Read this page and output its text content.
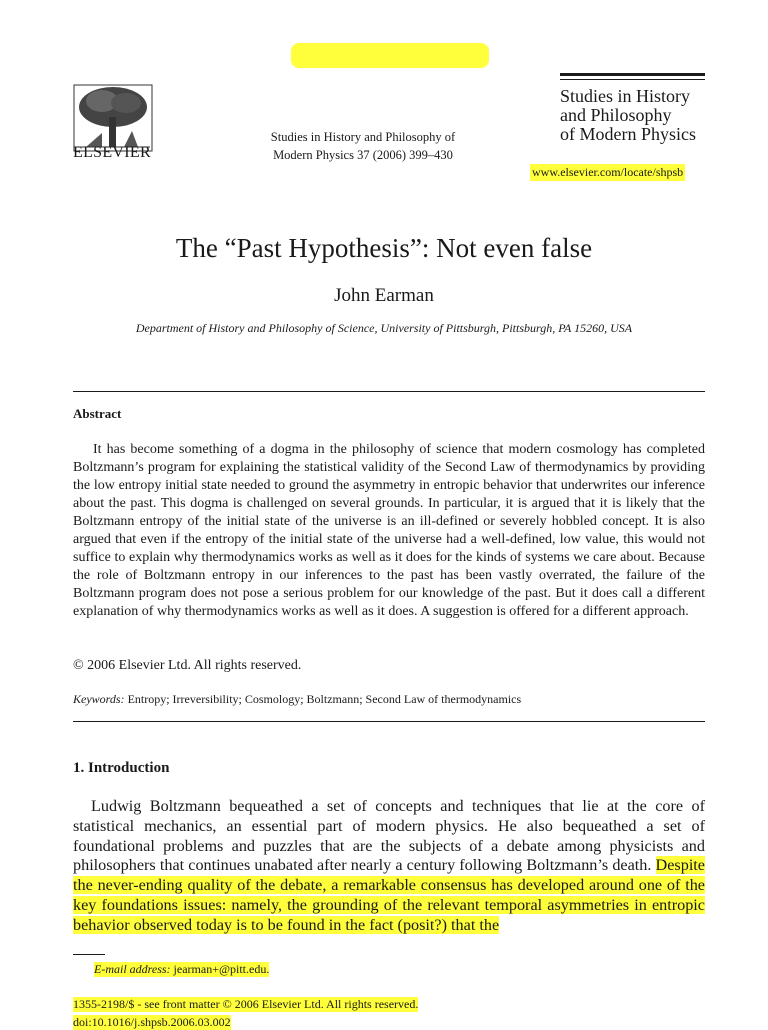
ELSEVIER
Studies in History and Philosophy of
Modern Physics 37 (2006) 399–430
Studies in History
and Philosophy
of Modern Physics
www.elsevier.com/locate/shpsb
The “Past Hypothesis”: Not even false
John Earman
Department of History and Philosophy of Science, University of Pittsburgh, Pittsburgh, PA 15260, USA
Abstract
It has become something of a dogma in the philosophy of science that modern cosmology has completed Boltzmann’s program for explaining the statistical validity of the Second Law of thermodynamics by providing the low entropy initial state needed to ground the asymmetry in entropic behavior that underwrites our inference about the past. This dogma is challenged on several grounds. In particular, it is argued that it is likely that the Boltzmann entropy of the initial state of the universe is an ill-defined or severely hobbled concept. It is also argued that even if the entropy of the initial state of the universe had a well-defined, low value, this would not suffice to explain why thermodynamics works as well as it does for the kinds of systems we care about. Because the role of Boltzmann entropy in our inferences to the past has been vastly overrated, the failure of the Boltzmann program does not pose a serious problem for our knowledge of the past. But it does call a different explanation of why thermodynamics works as well as it does. A suggestion is offered for a different approach.
© 2006 Elsevier Ltd. All rights reserved.
Keywords: Entropy; Irreversibility; Cosmology; Boltzmann; Second Law of thermodynamics
1. Introduction
Ludwig Boltzmann bequeathed a set of concepts and techniques that lie at the core of statistical mechanics, an essential part of modern physics. He also bequeathed a set of foundational problems and puzzles that are the subjects of a debate among physicists and philosophers that continues unabated after nearly a century following Boltzmann’s death. Despite the never-ending quality of the debate, a remarkable consensus has developed around one of the key foundations issues: namely, the grounding of the relevant temporal asymmetries in entropic behavior observed today is to be found in the fact (posit?) that the
E-mail address: jearman+@pitt.edu.
1355-2198/$ - see front matter © 2006 Elsevier Ltd. All rights reserved.
doi:10.1016/j.shpsb.2006.03.002
